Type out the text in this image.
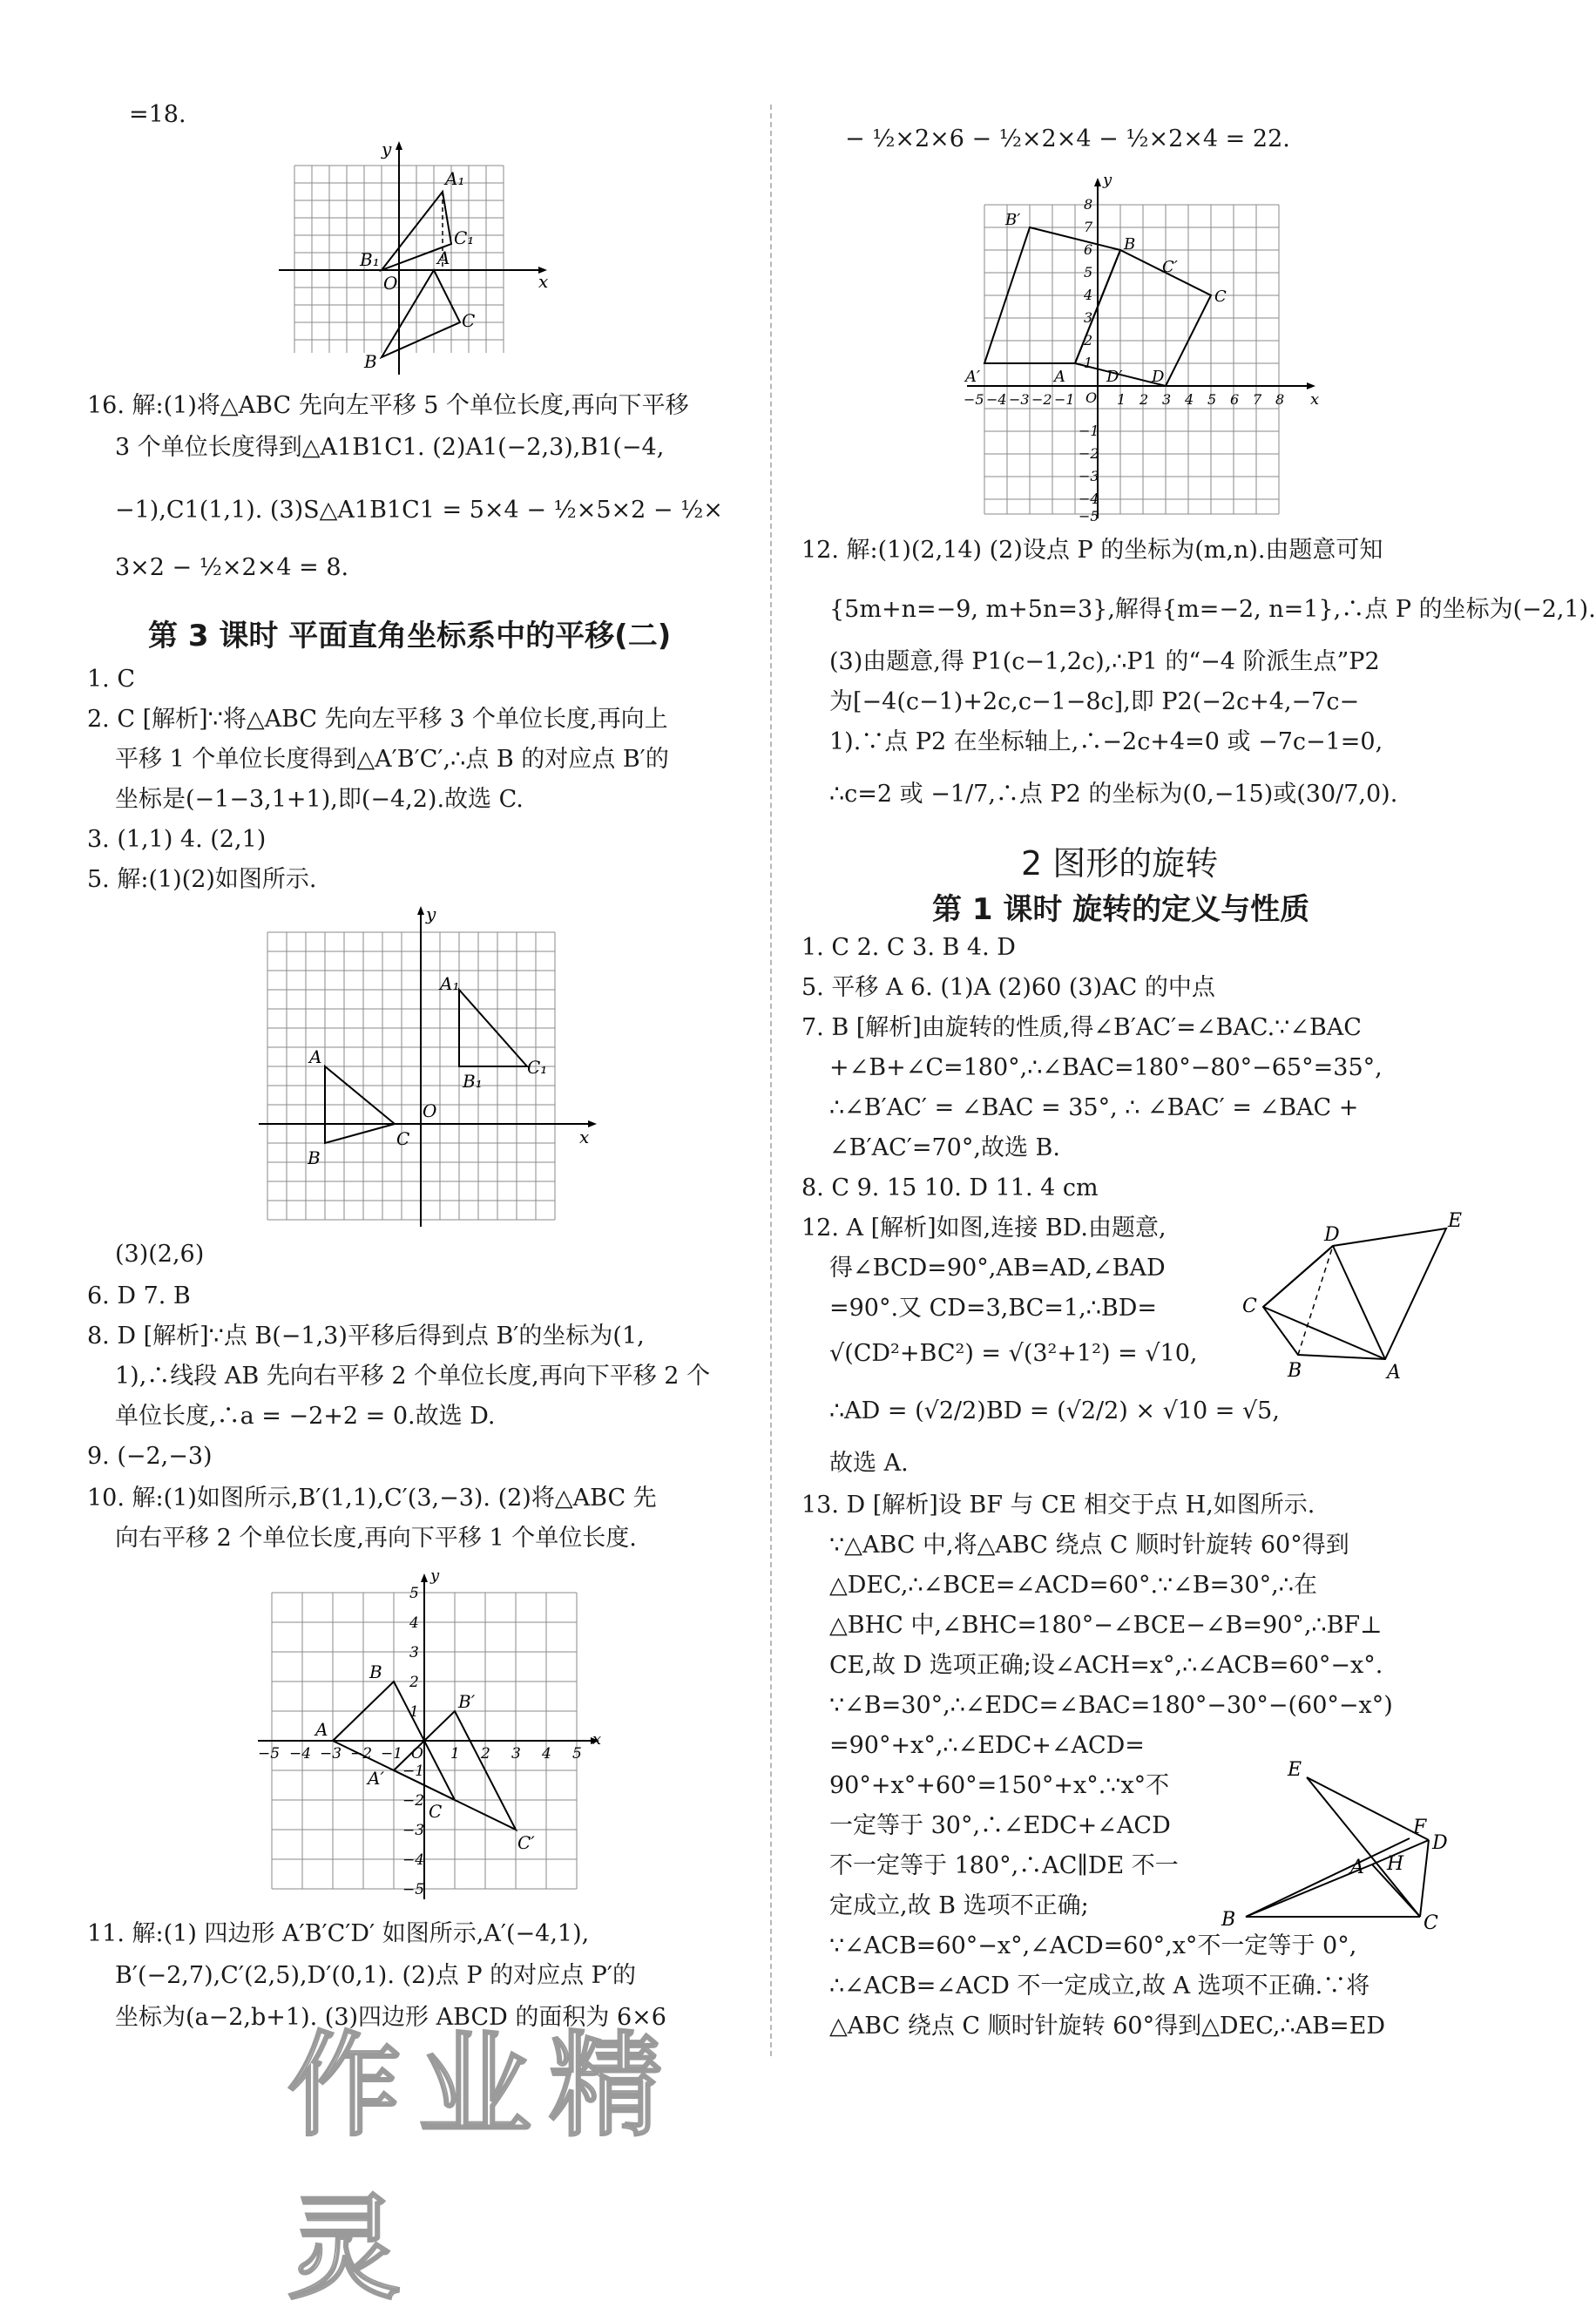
=18.
A₁
B₁
C₁
A
C
B
O	x
y
16. 解:(1)将△ABC 先向左平移 5 个单位长度,再向下平移
3 个单位长度得到△A1B1C1. (2)A1(−2,3),B1(−4,
−1),C1(1,1). (3)S△A1B1C1 = 5×4 − ½×5×2 − ½×
3×2 − ½×2×4 = 8.
第 3 课时 平面直角坐标系中的平移(二)
1. C
2. C [解析]∵将△ABC 先向左平移 3 个单位长度,再向上
平移 1 个单位长度得到△A′B′C′,∴点 B 的对应点 B′的
坐标是(−1−3,1+1),即(−4,2).故选 C.
3. (1,1) 4. (2,1)
5. 解:(1)(2)如图所示.
A₁
B₁
C₁
A
B
C
O
x
y
(3)(2,6)
6. D 7. B
8. D [解析]∵点 B(−1,3)平移后得到点 B′的坐标为(1,
1),∴线段 AB 先向右平移 2 个单位长度,再向下平移 2 个
单位长度,∴a = −2+2 = 0.故选 D.
9. (−2,−3)
10. 解:(1)如图所示,B′(1,1),C′(3,−3). (2)将△ABC 先
向右平移 2 个单位长度,再向下平移 1 个单位长度.
A
B
C
A′
B′
C′
x
y
−5 −4 −3 −2 −1 O 1 2 3 4 5
5
4
3
2
1
−1
−2
−3
−4
−5
11. 解:(1) 四边形 A′B′C′D′ 如图所示,A′(−4,1),
B′(−2,7),C′(2,5),D′(0,1). (2)点 P 的对应点 P′的
坐标为(a−2,b+1). (3)四边形 ABCD 的面积为 6×6
作业精灵
− ½×2×6 − ½×2×4 − ½×2×4 = 22.
A′
B′
C′
D′
A
B
C
D
x
y
−5 −4 −3 −2 −1 O 1 2 3 4 5 6 7 8
8
7
6
5
4
3
2
1
−1
−2
−3
−4
−5
12. 解:(1)(2,14) (2)设点 P 的坐标为(m,n).由题意可知
{5m+n=−9, m+5n=3},解得{m=−2, n=1},∴点 P 的坐标为(−2,1).
(3)由题意,得 P1(c−1,2c),∴P1 的“−4 阶派生点”P2
为[−4(c−1)+2c,c−1−8c],即 P2(−2c+4,−7c−
1).∵点 P2 在坐标轴上,∴−2c+4=0 或 −7c−1=0,
∴c=2 或 −1/7,∴点 P2 的坐标为(0,−15)或(30/7,0).
2 图形的旋转
第 1 课时 旋转的定义与性质
1. C 2. C 3. B 4. D
5. 平移 A 6. (1)A (2)60 (3)AC 的中点
7. B [解析]由旋转的性质,得∠B′AC′=∠BAC.∵∠BAC
+∠B+∠C=180°,∴∠BAC=180°−80°−65°=35°,
∴∠B′AC′ = ∠BAC = 35°, ∴ ∠BAC′ = ∠BAC +
∠B′AC′=70°,故选 B.
8. C 9. 15 10. D 11. 4 cm
12. A [解析]如图,连接 BD.由题意,
得∠BCD=90°,AB=AD,∠BAD
=90°.又 CD=3,BC=1,∴BD=
√(CD²+BC²) = √(3²+1²) = √10,
∴AD = (√2/2)BD = (√2/2) × √10 = √5,
故选 A.
E
D
C
B	A
13. D [解析]设 BF 与 CE 相交于点 H,如图所示.
∵△ABC 中,将△ABC 绕点 C 顺时针旋转 60°得到
△DEC,∴∠BCE=∠ACD=60°.∵∠B=30°,∴在
△BHC 中,∠BHC=180°−∠BCE−∠B=90°,∴BF⊥
CE,故 D 选项正确;设∠ACH=x°,∴∠ACB=60°−x°.
∵∠B=30°,∴∠EDC=∠BAC=180°−30°−(60°−x°)
=90°+x°,∴∠EDC+∠ACD=
90°+x°+60°=150°+x°.∵x°不
一定等于 30°,∴∠EDC+∠ACD
不一定等于 180°,∴AC∥DE 不一
定成立,故 B 选项不正确;
∵∠ACB=60°−x°,∠ACD=60°,x°不一定等于 0°,
∴∠ACB=∠ACD 不一定成立,故 A 选项不正确.∵将
△ABC 绕点 C 顺时针旋转 60°得到△DEC,∴AB=ED
E
F
D
A H
B	C
